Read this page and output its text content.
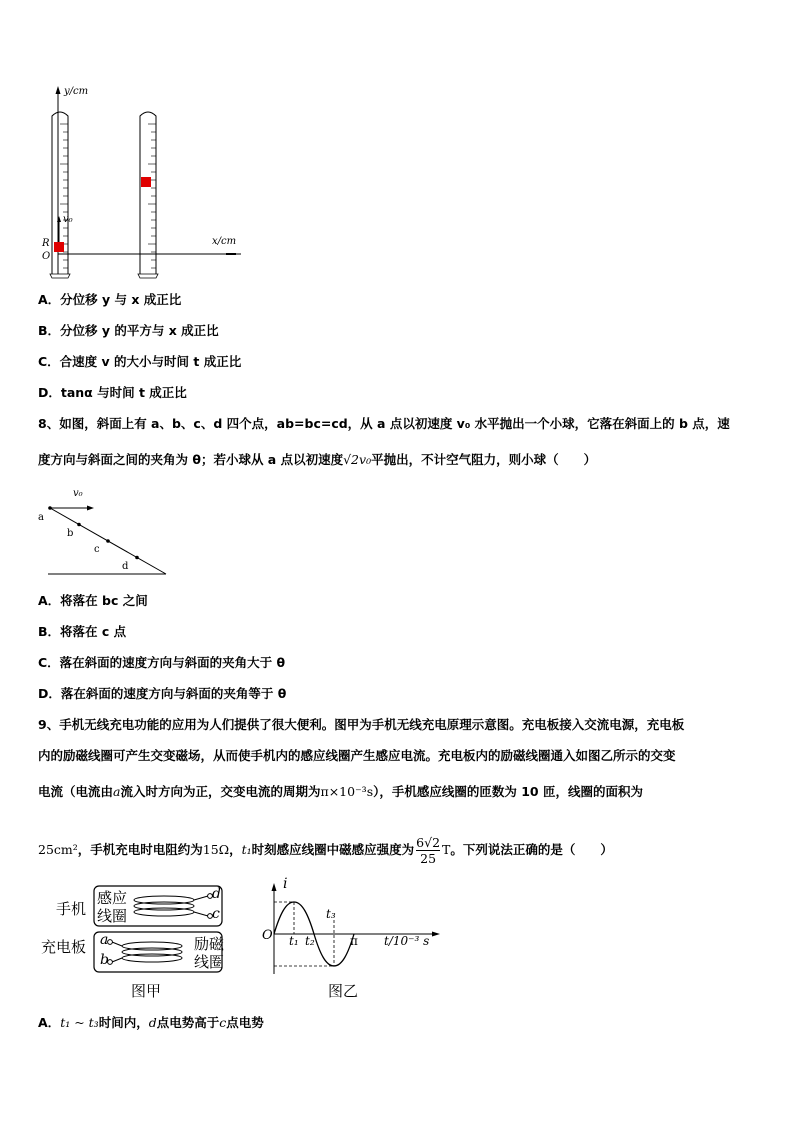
y/cm
x/cm
R
O
v₀
A．分位移 y 与 x 成正比
B．分位移 y 的平方与 x 成正比
C．合速度 v 的大小与时间 t 成正比
D．tanα 与时间 t 成正比
8、如图，斜面上有 a、b、c、d 四个点，ab=bc=cd，从 a 点以初速度 v₀ 水平抛出一个小球，它落在斜面上的 b 点，速
度方向与斜面之间的夹角为 θ；若小球从 a 点以初速度√2v₀平抛出，不计空气阻力，则小球（　　）
v₀
a
b
c
d
A．将落在 bc 之间
B．将落在 c 点
C．落在斜面的速度方向与斜面的夹角大于 θ
D．落在斜面的速度方向与斜面的夹角等于 θ
9、手机无线充电功能的应用为人们提供了很大便利。图甲为手机无线充电原理示意图。充电板接入交流电源，充电板
内的励磁线圈可产生交变磁场，从而使手机内的感应线圈产生感应电流。充电板内的励磁线圈通入如图乙所示的交变
电流（电流由a流入时方向为正，交变电流的周期为π×10⁻³s），手机感应线圈的匝数为 10 匝，线圈的面积为
25cm²，手机充电时电阻约为15Ω，t₁时刻感应线圈中磁感应强度为 $\frac{6√2}{25}$ T。下列说法正确的是（　　）
手机
充电板
感应
线圈
励磁
线圈
d
c
a
b
图甲
i
O t₁ t₂
t₃
π t/10⁻³ s
图乙
A．t₁ ~ t₃时间内，d点电势高于c点电势
